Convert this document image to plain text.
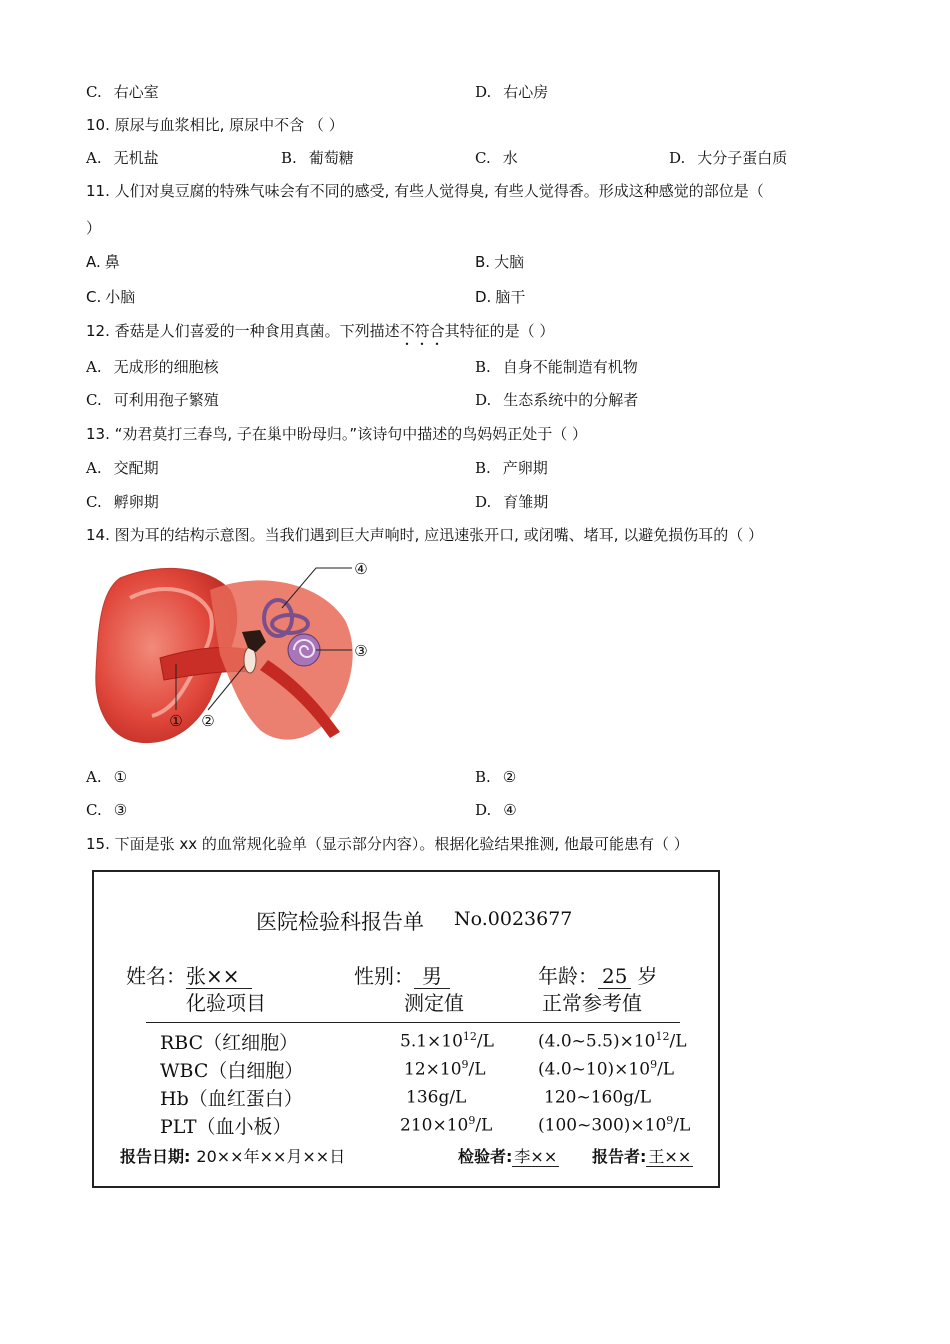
C. 右心室	D. 右心房
10. 原尿与血浆相比, 原尿中不含 （ ）
A. 无机盐	B. 葡萄糖	C. 水	D. 大分子蛋白质
11. 人们对臭豆腐的特殊气味会有不同的感受, 有些人觉得臭, 有些人觉得香。形成这种感觉的部位是（
）
A. 鼻	B. 大脑
C. 小脑	D. 脑干
12. 香菇是人们喜爱的一种食用真菌。下列描述不符合其特征的是（ ）
A. 无成形的细胞核	B. 自身不能制造有机物
C. 可利用孢子繁殖	D. 生态系统中的分解者
13. “劝君莫打三春鸟, 子在巢中盼母归。”该诗句中描述的鸟妈妈正处于（ ）
A. 交配期	B. 产卵期
C. 孵卵期	D. 育雏期
14. 图为耳的结构示意图。当我们遇到巨大声响时, 应迅速张开口, 或闭嘴、堵耳, 以避免损伤耳的（ ）
① ②
③
④
A. ①	B. ②
C. ③	D. ④
15. 下面是张 xx 的血常规化验单（显示部分内容）。根据化验结果推测, 他最可能患有（ ）
医院检验科报告单 No.0023677
姓名：张××	性别： 男	年龄： 25 岁
化验项目	测定值	正常参考值
RBC（红细胞）	$5.1\times 10^{12}/L$	$(4.0\sim 5.5)\times 10^{12}/L$
WBC（白细胞）	$12\times 10^9/L$	$(4.0\sim 10)\times 10^9/L$
Hb（血红蛋白）	136g/L	120~160g/L
PLT（血小板）	$210\times 10^9/L$	$(100\sim 300)\times 10^9/L$
报告日期: 20××年××月××日	检验者: 李×× 报告者: 王××
